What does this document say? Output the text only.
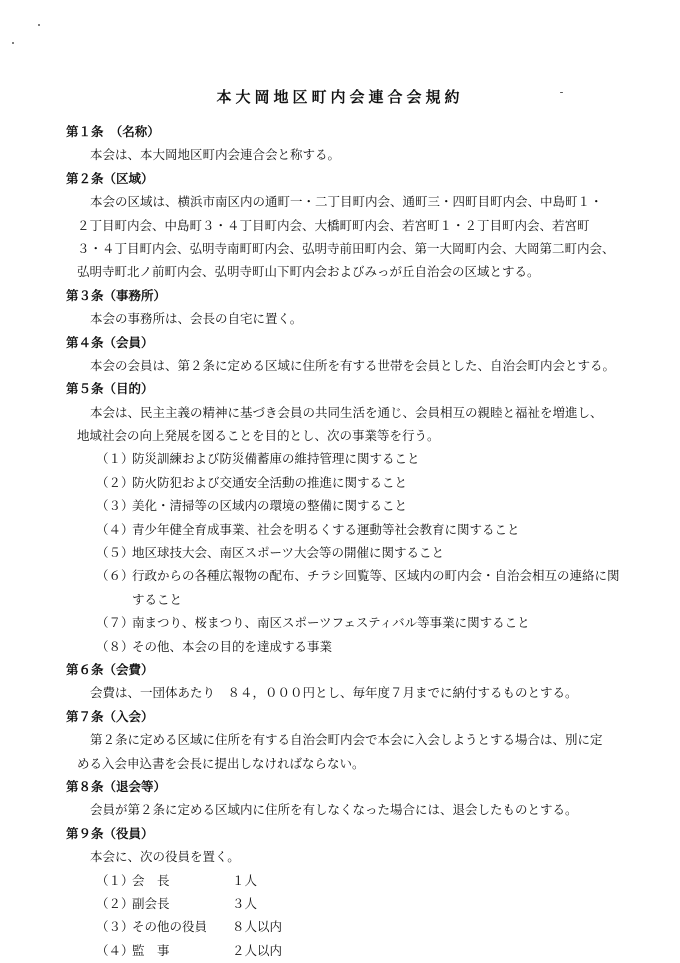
本大岡地区町内会連合会規約
第１条　（名称）
本会は、本大岡地区町内会連合会と称する。
第２条（区域）
本会の区域は、横浜市南区内の通町一・二丁目町内会、通町三・四町目町内会、中島町１・
２丁目町内会、中島町３・４丁目町内会、大橋町町内会、若宮町１・２丁目町内会、若宮町
３・４丁目町内会、弘明寺南町町内会、弘明寺前田町内会、第一大岡町内会、大岡第二町内会、
弘明寺町北ノ前町内会、弘明寺町山下町内会およびみっが丘自治会の区域とする。
第３条（事務所）
本会の事務所は、会長の自宅に置く。
第４条（会員）
本会の会員は、第２条に定める区域に住所を有する世帯を会員とした、自治会町内会とする。
第５条（目的）
本会は、民主主義の精神に基づき会員の共同生活を通じ、会員相互の親睦と福祉を増進し、
地域社会の向上発展を図ることを目的とし、次の事業等を行う。
（１）
防災訓練および防災備蓄庫の維持管理に関すること
（２）
防火防犯および交通安全活動の推進に関すること
（３）
美化・清掃等の区域内の環境の整備に関すること
（４）
青少年健全育成事業、社会を明るくする運動等社会教育に関すること
（５）
地区球技大会、南区スポーツ大会等の開催に関すること
（６）
行政からの各種広報物の配布、チラシ回覧等、区域内の町内会・自治会相互の連絡に関
すること
（７）
南まつり、桜まつり、南区スポーツフェスティバル等事業に関すること
（８）
その他、本会の目的を達成する事業
第６条（会費）
会費は、一団体あたり　８４，０００円とし、毎年度７月までに納付するものとする。
第７条（入会）
第２条に定める区域に住所を有する自治会町内会で本会に入会しようとする場合は、別に定
める入会申込書を会長に提出しなければならない。
第８条（退会等）
会員が第２条に定める区域内に住所を有しなくなった場合には、退会したものとする。
第９条（役員）
本会に、次の役員を置く。
（１）
会　長	１人
（２）
副会長	３人
（３）
その他の役員	８人以内
（４）
監　事	２人以内
